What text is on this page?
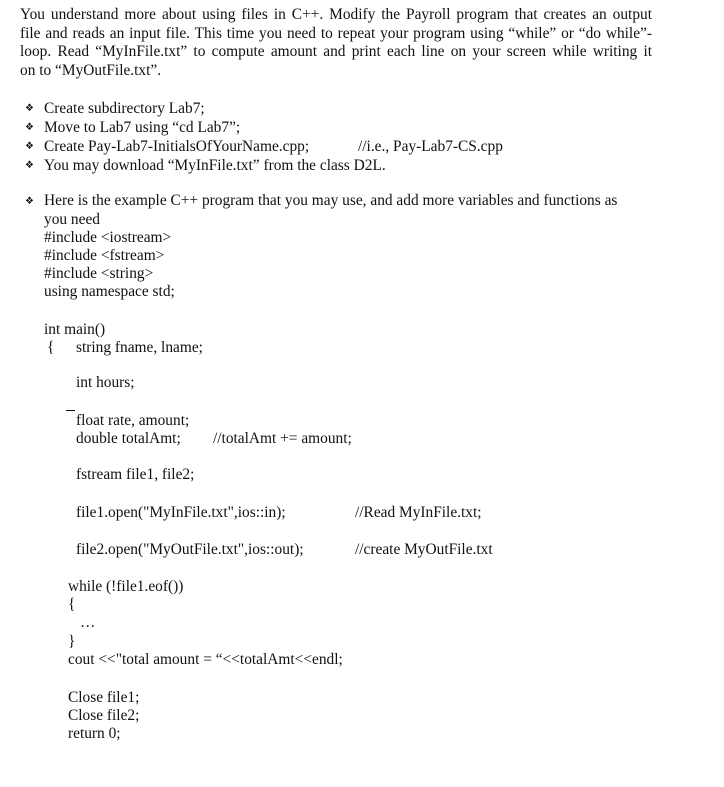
You understand more about using files in C++. Modify the Payroll program that creates an output
file and reads an input file. This time you need to repeat your program using “while” or “do while”-
loop. Read “MyInFile.txt” to compute amount and print each line on your screen while writing it
on to “MyOutFile.txt”.
❖ Create subdirectory Lab7;
❖ Move to Lab7 using “cd Lab7”;
❖ Create Pay-Lab7-InitialsOfYourName.cpp;	//i.e., Pay-Lab7-CS.cpp
❖ You may download “MyInFile.txt” from the class D2L.
❖ Here is the example C++ program that you may use, and add more variables and functions as
you need
#include <iostream>
#include <fstream>
#include <string>
using namespace std;
int main()
{ string fname, lname;
int hours;
float rate, amount;
double totalAmt; //totalAmt += amount;
fstream file1, file2;
file1.open("MyInFile.txt",ios::in);	//Read MyInFile.txt;
file2.open("MyOutFile.txt",ios::out);	//create MyOutFile.txt
while (!file1.eof())
{
…
}
cout <<"total amount = “<<totalAmt<<endl;
Close file1;
Close file2;
return 0;
